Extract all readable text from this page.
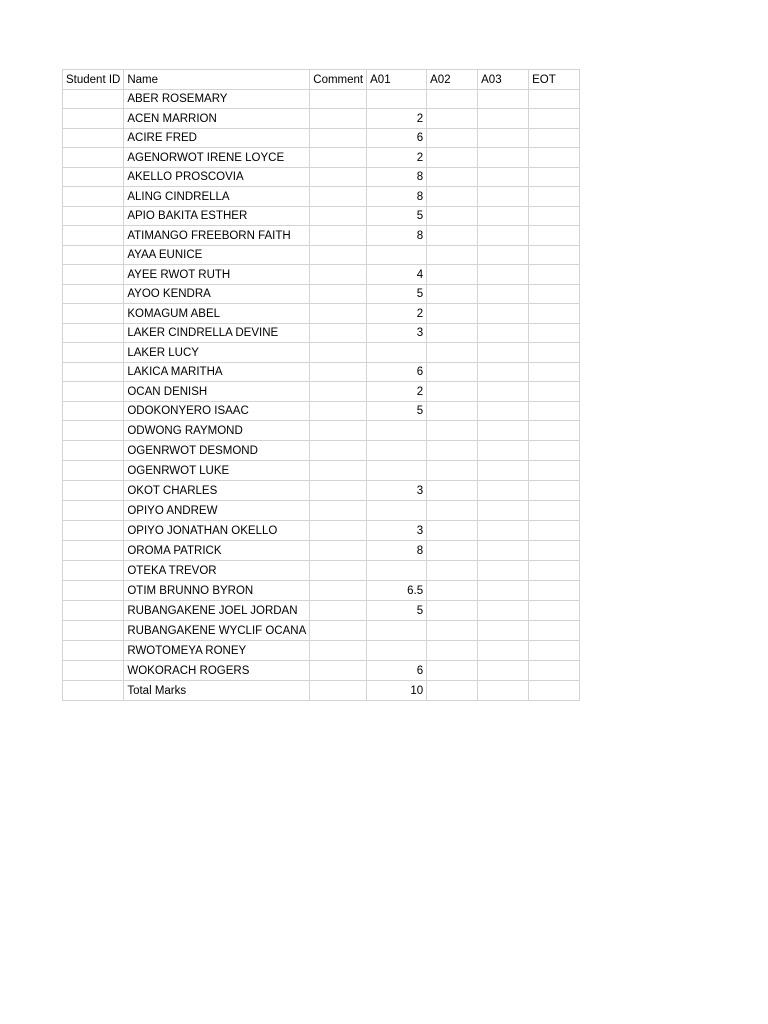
Student ID	Name	Comment	A01	A02	A03	EOT
	ABER ROSEMARY					
	ACEN MARRION		2			
	ACIRE FRED		6			
	AGENORWOT IRENE LOYCE		2			
	AKELLO PROSCOVIA		8			
	ALING CINDRELLA		8			
	APIO BAKITA ESTHER		5			
	ATIMANGO FREEBORN FAITH		8			
	AYAA EUNICE					
	AYEE RWOT RUTH		4			
	AYOO KENDRA		5			
	KOMAGUM ABEL		2			
	LAKER CINDRELLA DEVINE		3			
	LAKER LUCY					
	LAKICA MARITHA		6			
	OCAN DENISH		2			
	ODOKONYERO ISAAC		5			
	ODWONG RAYMOND					
	OGENRWOT DESMOND					
	OGENRWOT LUKE					
	OKOT CHARLES		3			
	OPIYO ANDREW					
	OPIYO JONATHAN OKELLO		3			
	OROMA PATRICK		8			
	OTEKA TREVOR					
	OTIM BRUNNO BYRON		6.5			
	RUBANGAKENE JOEL JORDAN		5			
	RUBANGAKENE WYCLIF OCANA					
	RWOTOMEYA RONEY					
	WOKORACH ROGERS		6			
	Total Marks		10			
